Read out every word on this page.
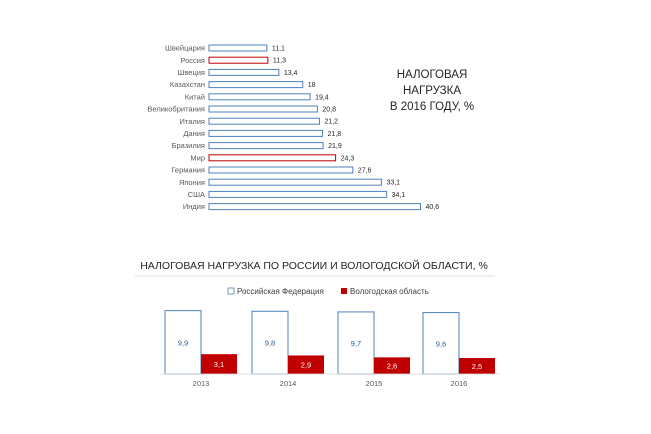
Швейцария
Россия
Швеция
Казахстан
Китай
Великобритания
Италия
Дания
Бразилия
Мир
Германия
Япония
США
Индия
11,1
11,3
13,4
18
19,4
20,8
21,2
21,8
21,9
24,3
27,6
33,1
34,1
40,6
НАЛОГОВАЯ
НАГРУЗКА
В 2016 ГОДУ, %
НАЛОГОВАЯ НАГРУЗКА ПО РОССИИ И ВОЛОГОДСКОЙ ОБЛАСТИ, %
Российская Федерация	Вологодская область
9,9
3,1
2013
9,8
2,9
2014
9,7
2,6
2015
9,6
2,5
2016
